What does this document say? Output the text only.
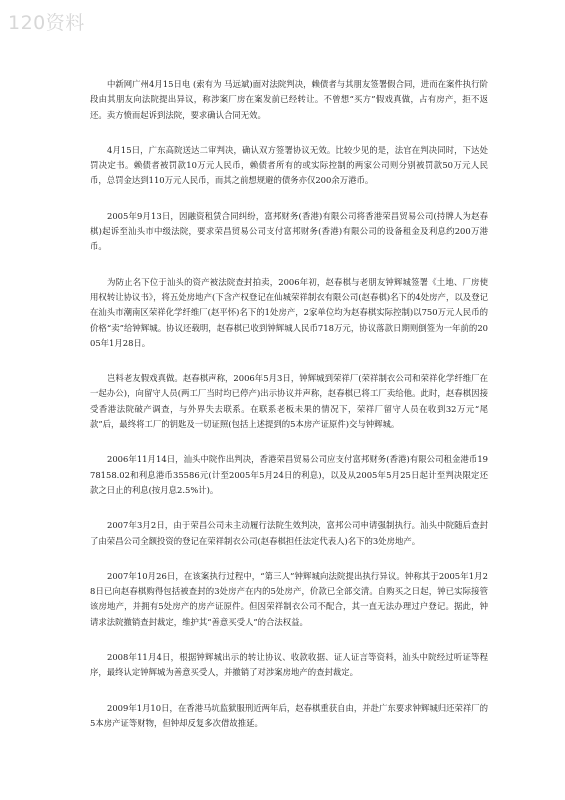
120资料

中新网广州4月15日电 (索有为 马远斌)面对法院判决，赖债者与其朋友签署假合同，进而在案件执行阶段由其朋友向法院提出异议，称涉案厂房在案发前已经转让。不曾想“买方”假戏真做，占有房产，拒不返还。卖方愤而起诉到法院，要求确认合同无效。

4月15日，广东高院送达二审判决，确认双方签署协议无效。比较少见的是，法官在判决同时，下达处罚决定书。赖债者被罚款10万元人民币，赖债者所有的或实际控制的两家公司则分别被罚款50万元人民币，总罚金达到110万元人民币，而其之前想规避的债务亦仅200余万港币。

2005年9月13日，因融资租赁合同纠纷，富邦财务(香港)有限公司将香港荣昌贸易公司(持牌人为赵春棋)起诉至汕头市中级法院，要求荣昌贸易公司支付富邦财务(香港)有限公司的设备租金及利息约200万港币。

为防止名下位于汕头的资产被法院查封拍卖，2006年初，赵春棋与老朋友钟辉城签署《土地、厂房使用权转让协议书》，将五处房地产(下含产权登记在仙城荣祥制衣有限公司(赵春棋)名下的4处房产，以及登记在汕头市潮南区荣祥化学纤维厂(赵平怀)名下的1处房产，2家单位均为赵春棋实际控制)以750万元人民币的价格“卖”给钟辉城。协议还载明，赵春棋已收到钟辉城人民币718万元，协议落款日期则倒签为一年前的2005年1月28日。

岂料老友假戏真做。赵春棋声称，2006年5月3日，钟辉城到荣祥厂(荣祥制衣公司和荣祥化学纤维厂在一起办公)，向留守人员(两工厂当时均已停产)出示协议并声称，赵春棋已将工厂卖给他。此时，赵春棋因接受香港法院破产调查，与外界失去联系。在联系老板未果的情况下，荣祥厂留守人员在收到32万元“尾款”后，最终将工厂的钥匙及一切证照(包括上述提到的5本房产证原件)交与钟辉城。

2006年11月14日，汕头中院作出判决，香港荣昌贸易公司应支付富邦财务(香港)有限公司租金港币1978158.02和利息港币35586元(计至2005年5月24日的利息)，以及从2005年5月25日起计至判决限定还款之日止的利息(按月息2.5%计)。

2007年3月2日，由于荣昌公司未主动履行法院生效判决，富邦公司申请强制执行。汕头中院随后查封了由荣昌公司全额投资的登记在荣祥制衣公司(赵春棋担任法定代表人)名下的3处房地产。

2007年10月26日，在该案执行过程中，“第三人”钟辉城向法院提出执行异议。钟称其于2005年1月28日已向赵春棋购得包括被查封的3处房产在内的5处房产，价款已全部交清。自购买之日起，钟已实际接管该房地产，并拥有5处房产的房产证原件。但因荣祥制衣公司不配合，其一直无法办理过户登记。据此，钟请求法院撤销查封裁定，维护其“善意买受人”的合法权益。

2008年11月4日，根据钟辉城出示的转让协议、收款收据、证人证言等资料，汕头中院经过听证等程序，最终认定钟辉城为善意买受人，并撤销了对涉案房地产的查封裁定。

2009年1月10日，在香港马坑监狱服刑近两年后，赵春棋重获自由，并赴广东要求钟辉城归还荣祥厂的5本房产证等财物，但钟却反复多次借故推延。
